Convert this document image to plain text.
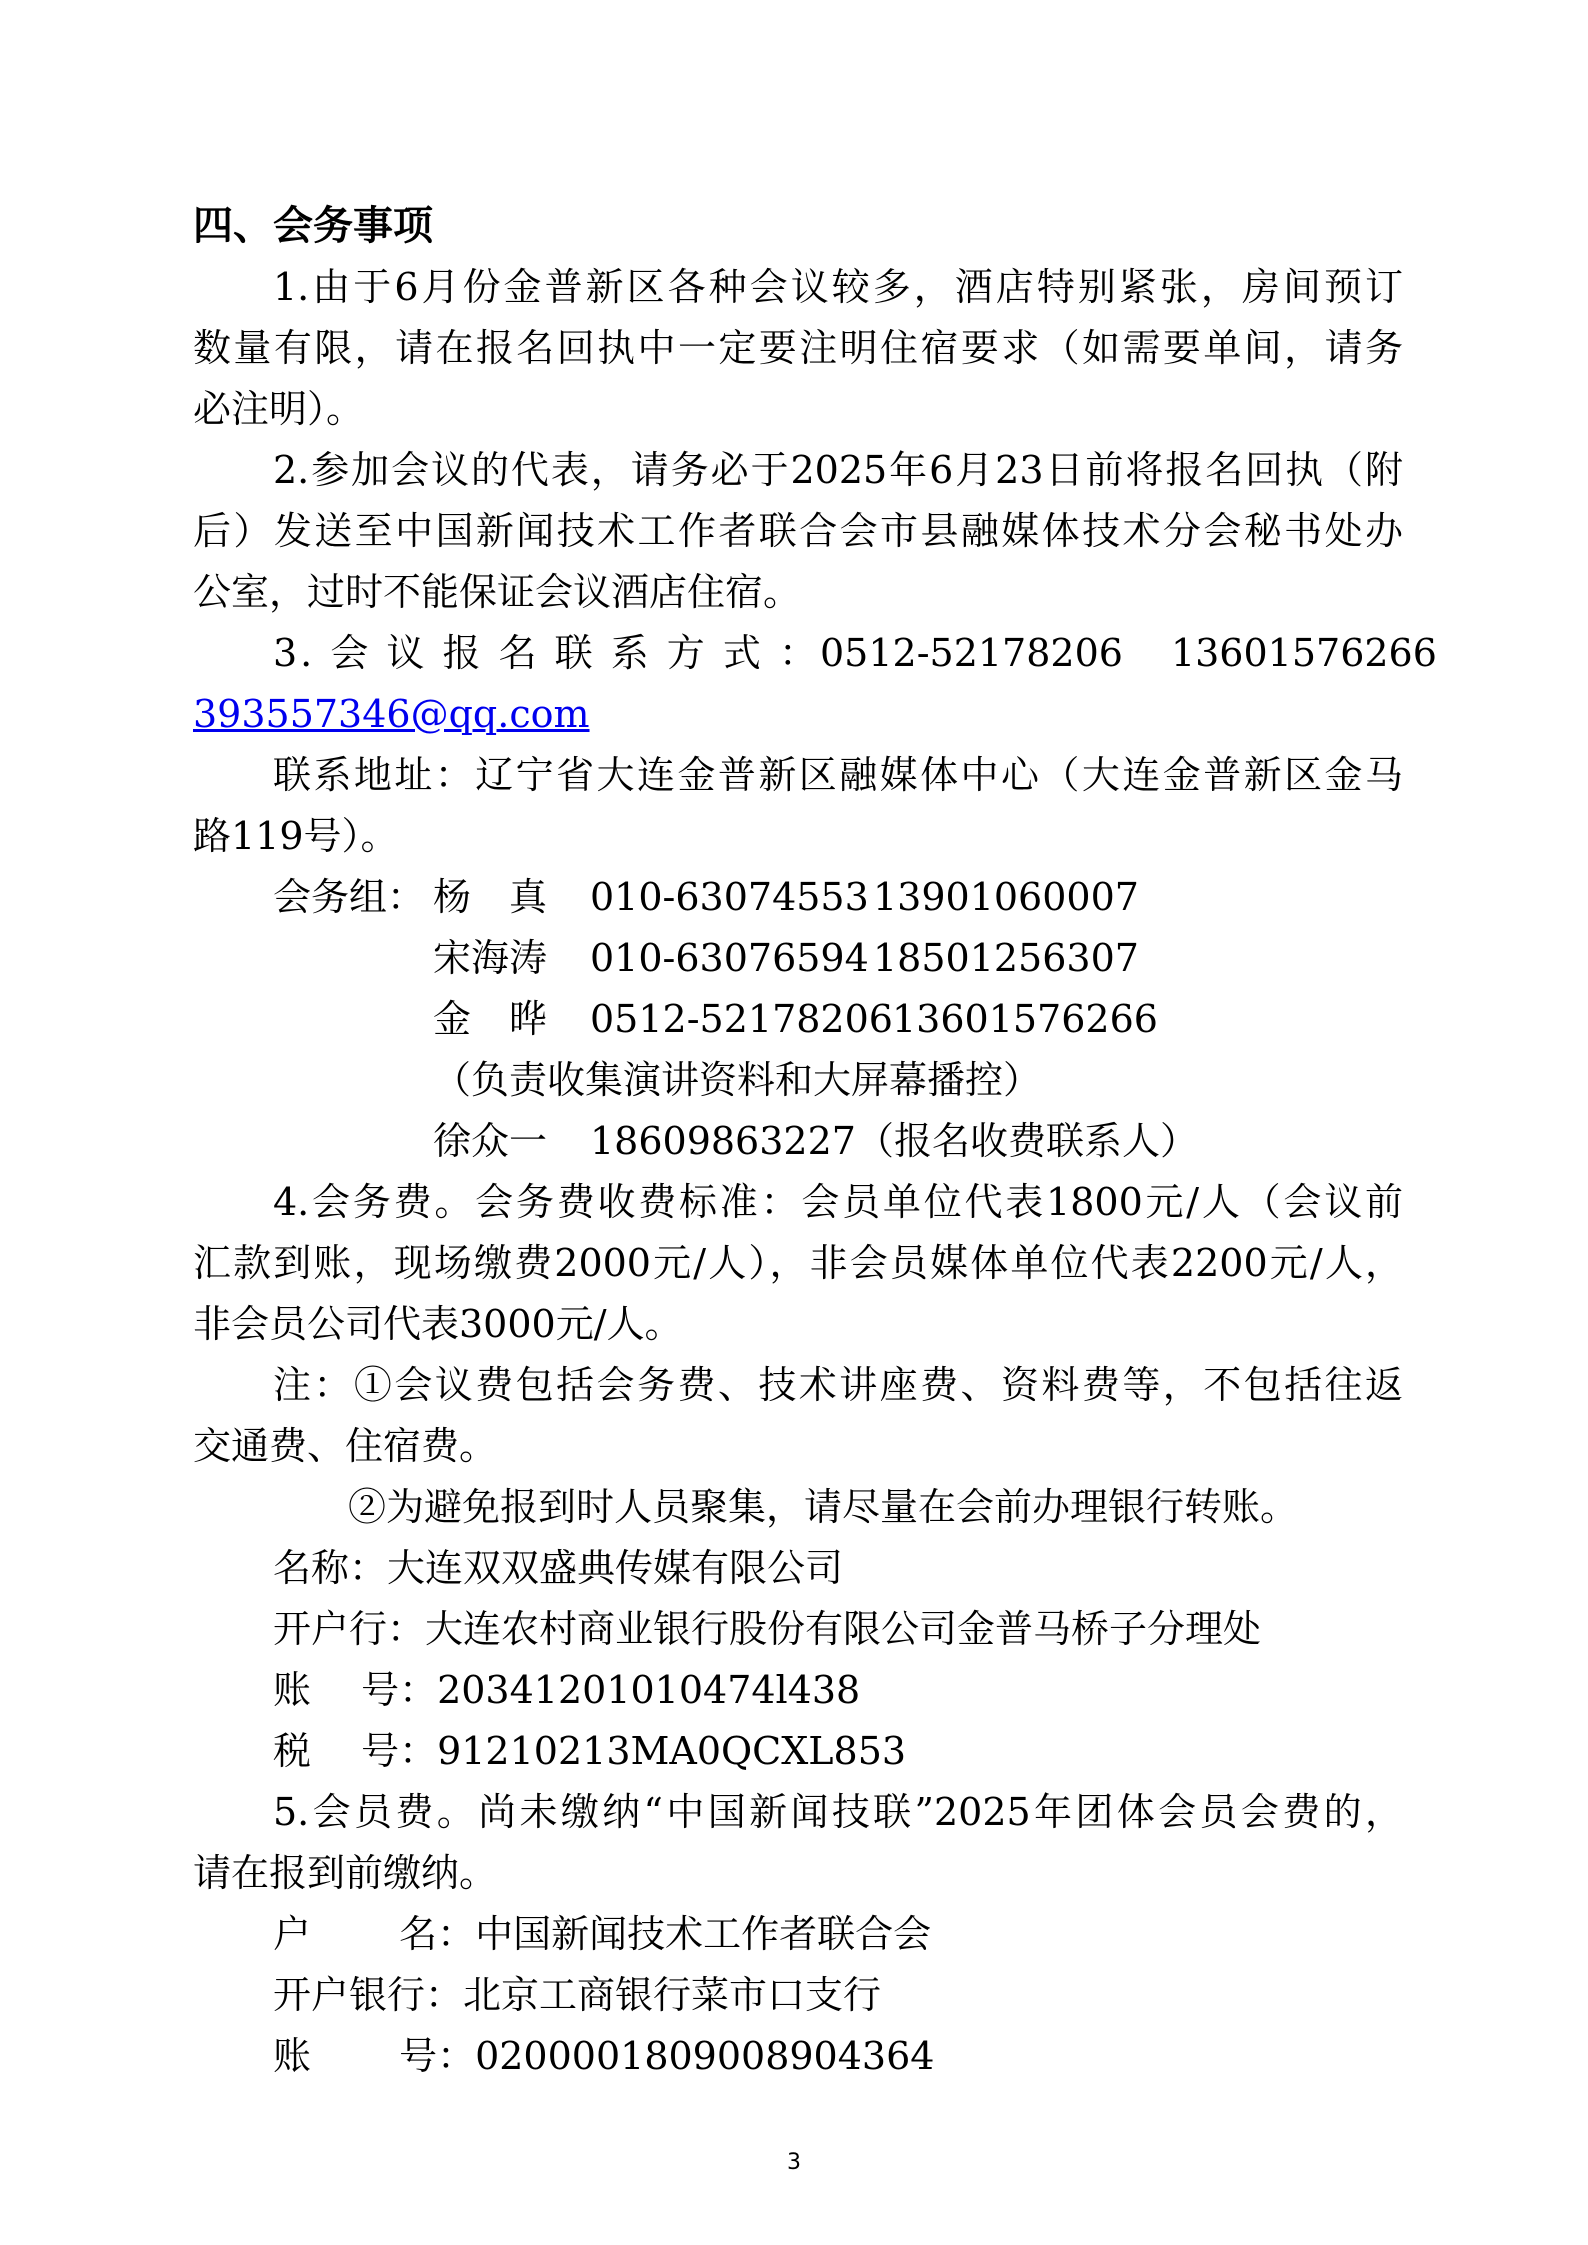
四、会务事项
1.由于6月份金普新区各种会议较多，酒店特别紧张，房间预订
数量有限，请在报名回执中一定要注明住宿要求（如需要单间，请务
必注明）。
2.参加会议的代表，请务必于2025年6月23日前将报名回执（附
后）发送至中国新闻技术工作者联合会市县融媒体技术分会秘书处办
公室，过时不能保证会议酒店住宿。
3. 会 议 报 名 联 系 方 式 ： 0512-52178206 13601576266
393557346@qq.com
联系地址：辽宁省大连金普新区融媒体中心（大连金普新区金马
路119号）。
会务组： 杨　真 010-63074553 13901060007
宋海涛 010-63076594 18501256307
金　晔 0512-5217820613601576266
（负责收集演讲资料和大屏幕播控）
徐众一 18609863227（报名收费联系人）
4.会务费。会务费收费标准：会员单位代表1800元/人（会议前
汇款到账，现场缴费2000元/人），非会员媒体单位代表2200元/人，
非会员公司代表3000元/人。
注：①会议费包括会务费、技术讲座费、资料费等，不包括往返
交通费、住宿费。
②为避免报到时人员聚集，请尽量在会前办理银行转账。
名称：大连双双盛典传媒有限公司
开户行：大连农村商业银行股份有限公司金普马桥子分理处
账　 号：20341201010474l438
税　 号：91210213MA0QCXL853
5.会员费。尚未缴纳“中国新闻技联”2025年团体会员会费的，
请在报到前缴纳。
户　　 名：中国新闻技术工作者联合会
开户银行：北京工商银行菜市口支行
账　　 号：0200001809008904364
3
